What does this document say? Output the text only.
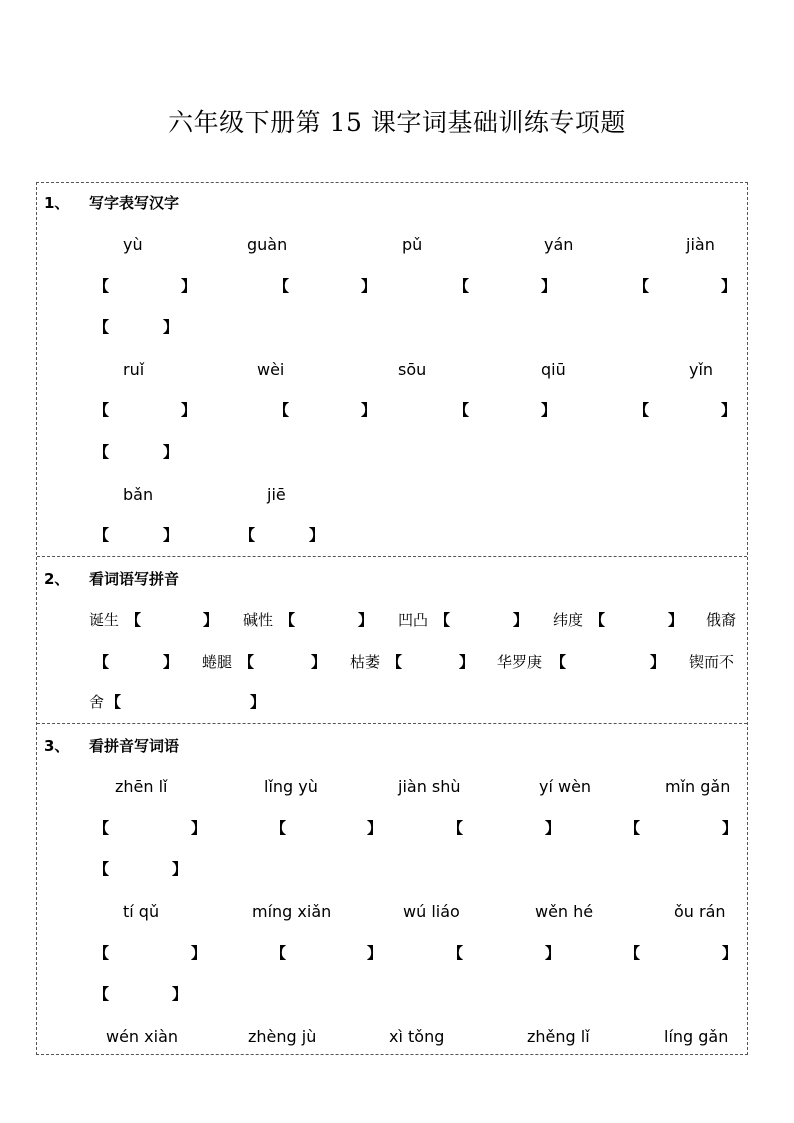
六年级下册第 15 课字词基础训练专项题
1、 写字表写汉字
yù	guàn	pǔ	yán	jiàn
【	】	【	】	【	】	【	】
【	】
ruǐ	wèi	sōu	qiū	yǐn
【	】	【	】	【	】	【	】
【	】
bǎn	jiē
【	】	【	】
2、 看词语写拼音
诞生 【	】 碱性 【	】 凹凸 【	】 纬度 【	】 俄裔
【	】 蜷腿 【	】 枯萎 【	】 华罗庚 【	】 锲而不
舍 【	】
3、 看拼音写词语
zhēn lǐ	lǐng yù	jiàn shù	yí wèn	mǐn gǎn
【	】	【	】	【	】	【	】
【	】
tí qǔ	míng xiǎn	wú liáo	wěn hé	ǒu rán
【	】	【	】	【	】	【	】
【	】
wén xiàn	zhèng jù	xì tǒng	zhěng lǐ	líng gǎn
